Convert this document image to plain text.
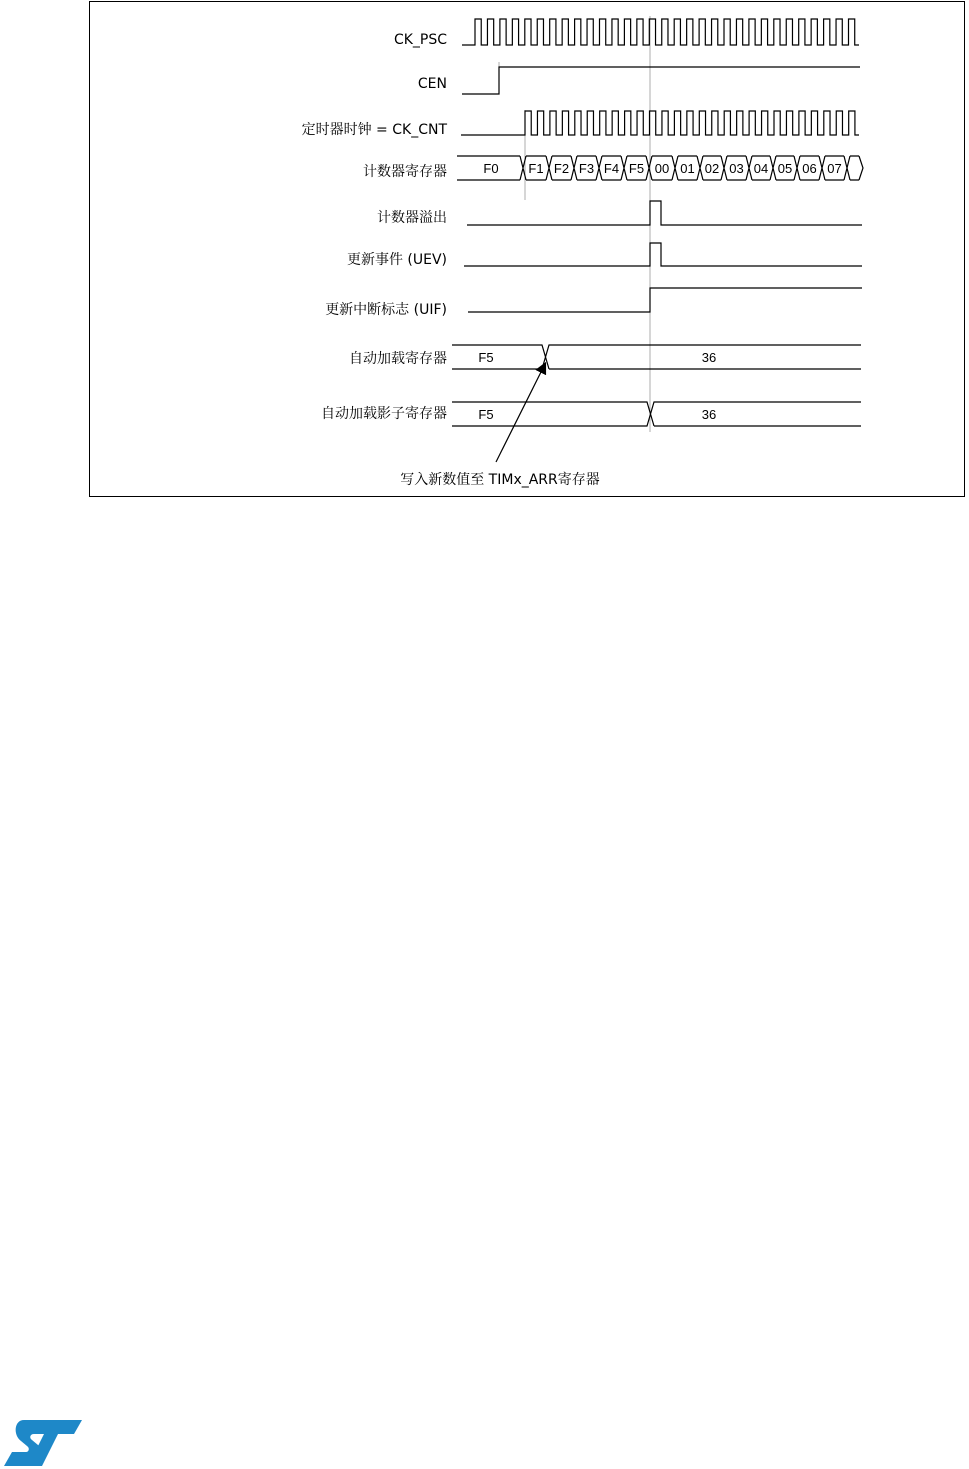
CK_PSC
CEN
定时器时钟 = CK_CNT
计数器寄存器
计数器溢出
更新事件 (UEV)
更新中断标志 (UIF)
自动加载寄存器
自动加载影子寄存器
F0 F1 F2 F3 F4 F5 00 01 02 03 04 05 06 07
F5	36
F5	36
写入新数值至 TIMx_ARR寄存器
